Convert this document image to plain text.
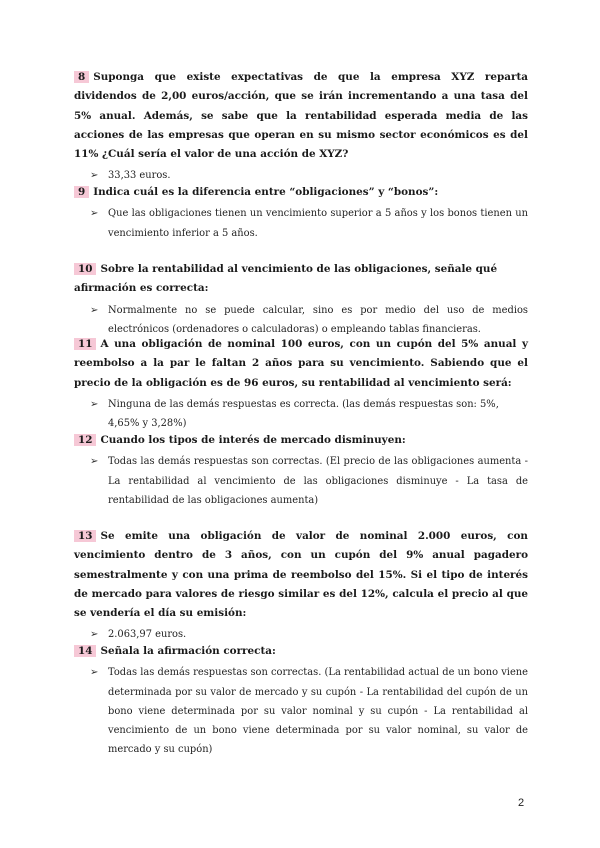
8 Suponga que existe expectativas de que la empresa XYZ reparta dividendos de 2,00 euros/acción, que se irán incrementando a una tasa del 5% anual. Además, se sabe que la rentabilidad esperada media de las acciones de las empresas que operan en su mismo sector económicos es del 11% ¿Cuál sería el valor de una acción de XYZ?

➢ 33,33 euros.

9 Indica cuál es la diferencia entre “obligaciones” y “bonos”:

➢ Que las obligaciones tienen un vencimiento superior a 5 años y los bonos tienen un vencimiento inferior a 5 años.

10 Sobre la rentabilidad al vencimiento de las obligaciones, señale qué afirmación es correcta:

➢ Normalmente no se puede calcular, sino es por medio del uso de medios electrónicos (ordenadores o calculadoras) o empleando tablas financieras.

11 A una obligación de nominal 100 euros, con un cupón del 5% anual y reembolso a la par le faltan 2 años para su vencimiento. Sabiendo que el precio de la obligación es de 96 euros, su rentabilidad al vencimiento será:

➢ Ninguna de las demás respuestas es correcta. (las demás respuestas son: 5%, 4,65% y 3,28%)

12 Cuando los tipos de interés de mercado disminuyen:

➢ Todas las demás respuestas son correctas. (El precio de las obligaciones aumenta - La rentabilidad al vencimiento de las obligaciones disminuye - La tasa de rentabilidad de las obligaciones aumenta)

13 Se emite una obligación de valor de nominal 2.000 euros, con vencimiento dentro de 3 años, con un cupón del 9% anual pagadero semestralmente y con una prima de reembolso del 15%. Si el tipo de interés de mercado para valores de riesgo similar es del 12%, calcula el precio al que se vendería el día su emisión:

➢ 2.063,97 euros.

14 Señala la afirmación correcta:

➢ Todas las demás respuestas son correctas. (La rentabilidad actual de un bono viene determinada por su valor de mercado y su cupón - La rentabilidad del cupón de un bono viene determinada por su valor nominal y su cupón - La rentabilidad al vencimiento de un bono viene determinada por su valor nominal, su valor de mercado y su cupón)
2
